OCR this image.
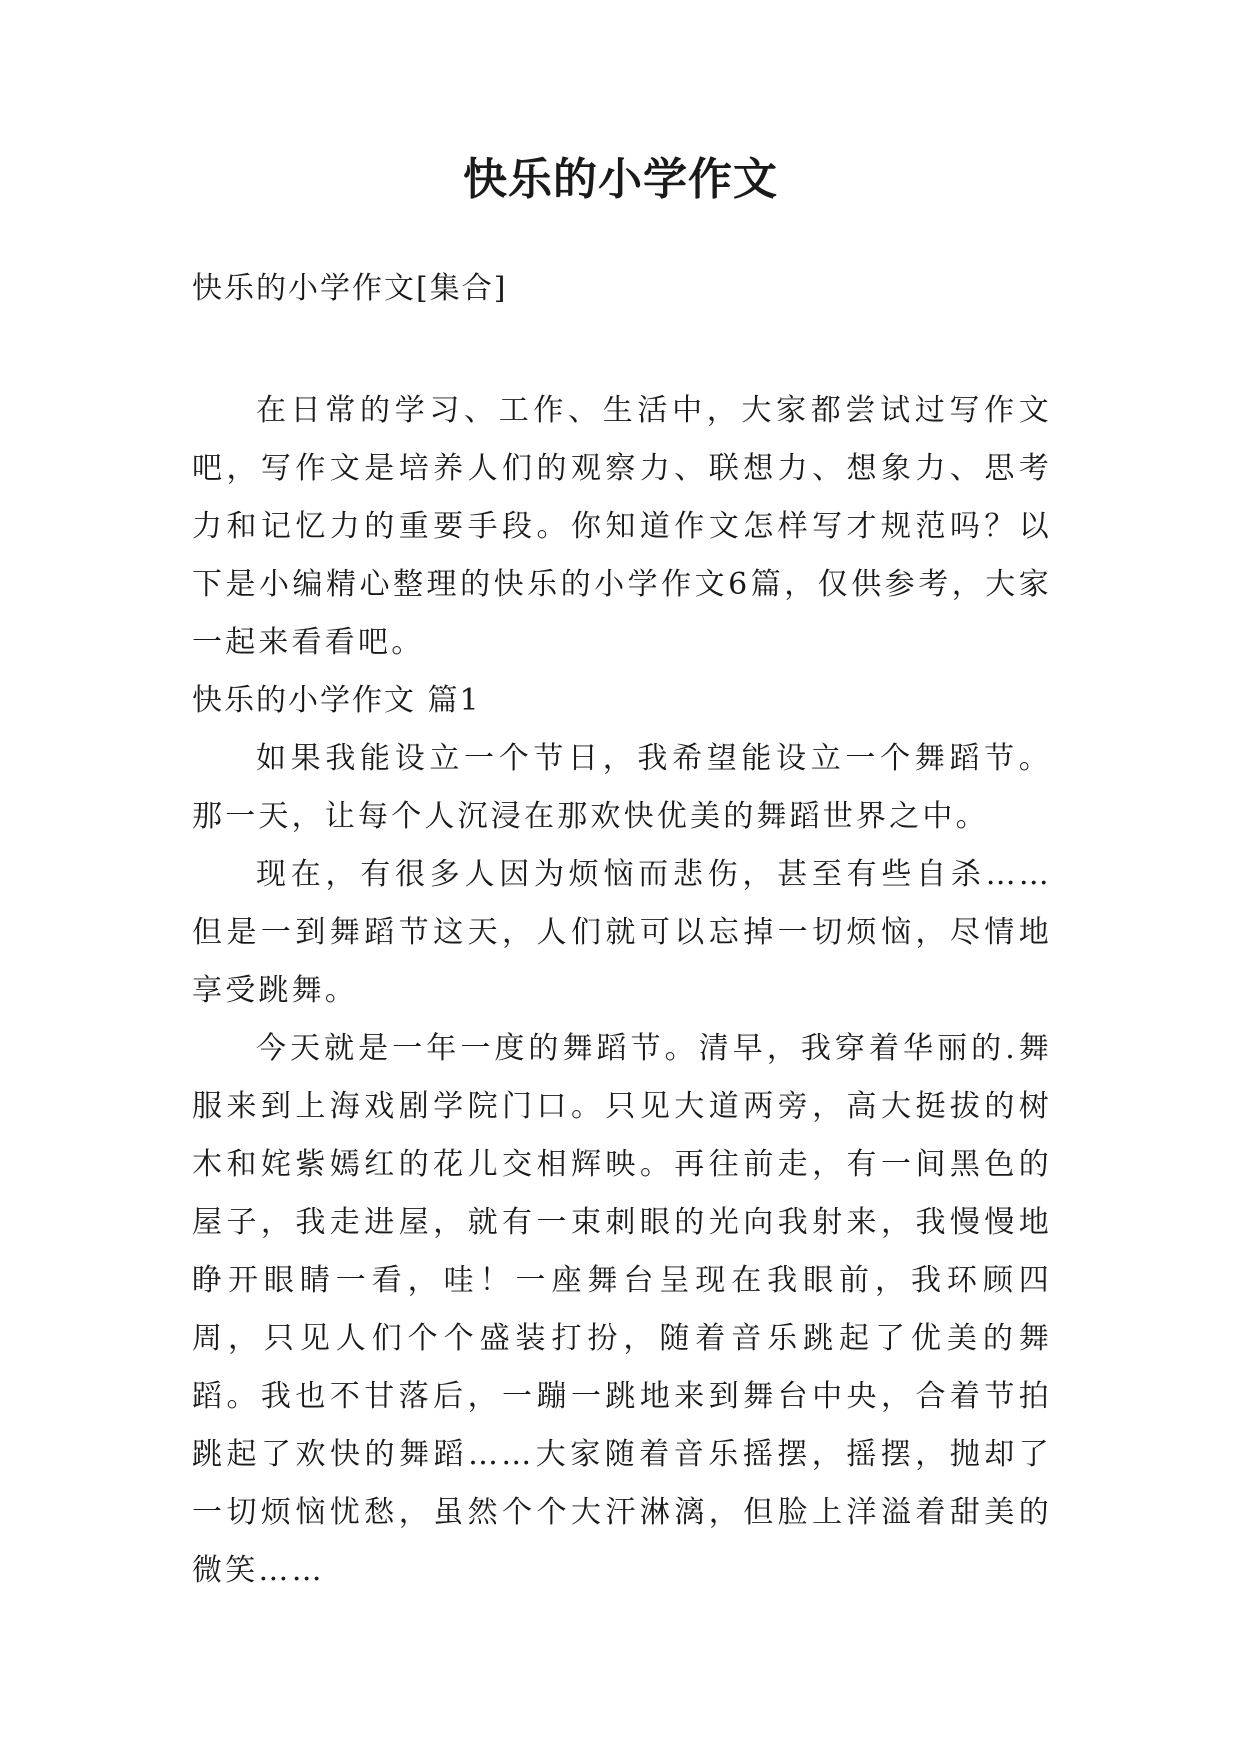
快乐的小学作文

快乐的小学作文[集合]

在日常的学习、工作、生活中，大家都尝试过写作文吧，写作文是培养人们的观察力、联想力、想象力、思考力和记忆力的重要手段。你知道作文怎样写才规范吗？以下是小编精心整理的快乐的小学作文6篇，仅供参考，大家一起来看看吧。

快乐的小学作文 篇1

如果我能设立一个节日，我希望能设立一个舞蹈节。那一天，让每个人沉浸在那欢快优美的舞蹈世界之中。

现在，有很多人因为烦恼而悲伤，甚至有些自杀……但是一到舞蹈节这天，人们就可以忘掉一切烦恼，尽情地享受跳舞。

今天就是一年一度的舞蹈节。清早，我穿着华丽的.舞服来到上海戏剧学院门口。只见大道两旁，高大挺拔的树木和姹紫嫣红的花儿交相辉映。再往前走，有一间黑色的屋子，我走进屋，就有一束刺眼的光向我射来，我慢慢地睁开眼睛一看，哇！一座舞台呈现在我眼前，我环顾四周，只见人们个个盛装打扮，随着音乐跳起了优美的舞蹈。我也不甘落后，一蹦一跳地来到舞台中央，合着节拍跳起了欢快的舞蹈……大家随着音乐摇摆，摇摆，抛却了一切烦恼忧愁，虽然个个大汗淋漓，但脸上洋溢着甜美的微笑……
